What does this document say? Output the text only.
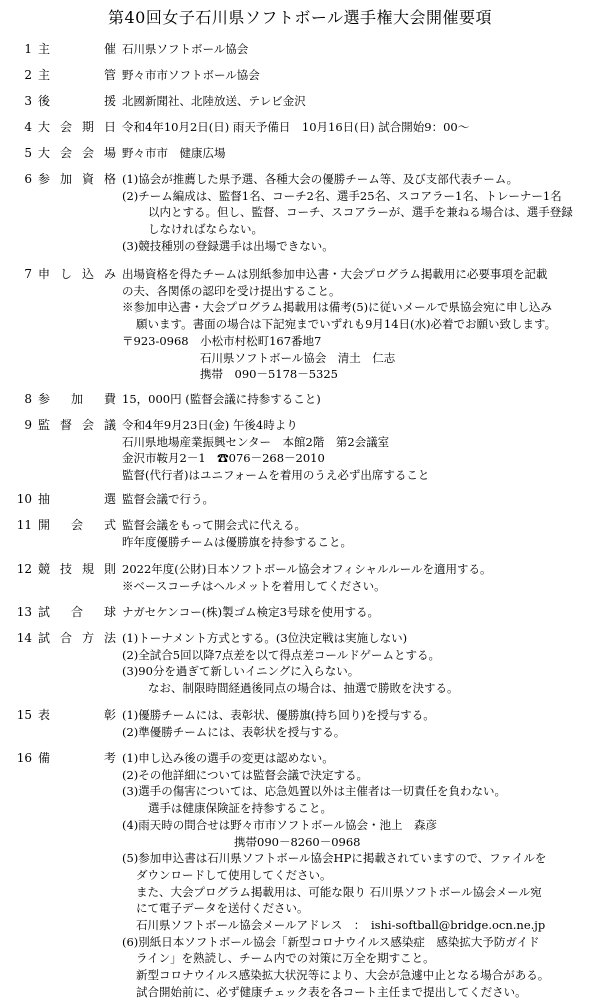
第40回女子石川県ソフトボール選手権大会開催要項
1 主	催 石川県ソフトボール協会
2 主	管 野々市市ソフトボール協会
3 後	援 北國新聞社、北陸放送、テレビ金沢
4 大 会 期 日 令和4年10月2日(日) 雨天予備日　10月16日(日) 試合開始9：00～
5 大 会 会 場 野々市市　健康広場
6 参 加 資 格 (1)協会が推薦した県予選、各種大会の優勝チーム等、及び支部代表チーム。
(2)チーム編成は、監督1名、コーチ2名、選手25名、スコアラー1名、トレーナー1名
以内とする。但し、監督、コーチ、スコアラーが、選手を兼ねる場合は、選手登録
しなければならない。
(3)競技種別の登録選手は出場できない。
7 申 し 込 み 出場資格を得たチームは別紙参加申込書・大会プログラム掲載用に必要事項を記載
の夫、各関係の認印を受け提出すること。
※参加申込書・大会プログラム掲載用は備考(5)に従いメールで県協会宛に申し込み
願います。書面の場合は下記宛までいずれも9月14日(水)必着でお願い致します。
〒923-0968　小松市村松町167番地7
石川県ソフトボール協会　清土　仁志
携帯　090－5178－5325
8 参 加 費 15，000円 (監督会議に持参すること)
9 監 督 会 議 令和4年9月23日(金) 午後4時より
石川県地場産業振興センター　本館2階　第2会議室
金沢市鞍月2－1　☎076－268－2010
監督(代行者)はユニフォームを着用のうえ必ず出席すること
10 抽	選 監督会議で行う。
11 開 会 式 監督会議をもって開会式に代える。
昨年度優勝チームは優勝旗を持参すること。
12 競 技 規 則 2022年度(公財)日本ソフトボール協会オフィシャルルールを適用する。
※ベースコーチはヘルメットを着用してください。
13 試 合 球 ナガセケンコー(株)製ゴム検定3号球を使用する。
14 試 合 方 法 (1)トーナメント方式とする。(3位決定戦は実施しない)
(2)全試合5回以降7点差を以て得点差コールドゲームとする。
(3)90分を過ぎて新しいイニングに入らない。
なお、制限時間経過後同点の場合は、抽選で勝敗を決する。
15 表	彰 (1)優勝チームには、表彰状、優勝旗(持ち回り)を授与する。
(2)準優勝チームには、表彰状を授与する。
16 備	考 (1)申し込み後の選手の変更は認めない。
(2)その他詳細については監督会議で決定する。
(3)選手の傷害については、応急処置以外は主催者は一切責任を負わない。
選手は健康保険証を持参すること。
(4)雨天時の問合せは野々市市ソフトボール協会・池上　森彦
携帯090－8260－0968
(5)参加申込書は石川県ソフトボール協会HPに掲載されていますので、ファイルを
ダウンロードして使用してください。
また、大会プログラム掲載用は、可能な限り 石川県ソフトボール協会メール宛
にて電子データを送付ください。
石川県ソフトボール協会メールアドレス　：　ishi-softball@bridge.ocn.ne.jp
(6)別紙日本ソフトボール協会「新型コロナウイルス感染症　感染拡大予防ガイド
ライン」を熟読し、チーム内での対策に万全を期すこと。
新型コロナウイルス感染拡大状況等により、大会が急遽中止となる場合がある。
試合開始前に、必ず健康チェック表を各コート主任まで提出してください。
